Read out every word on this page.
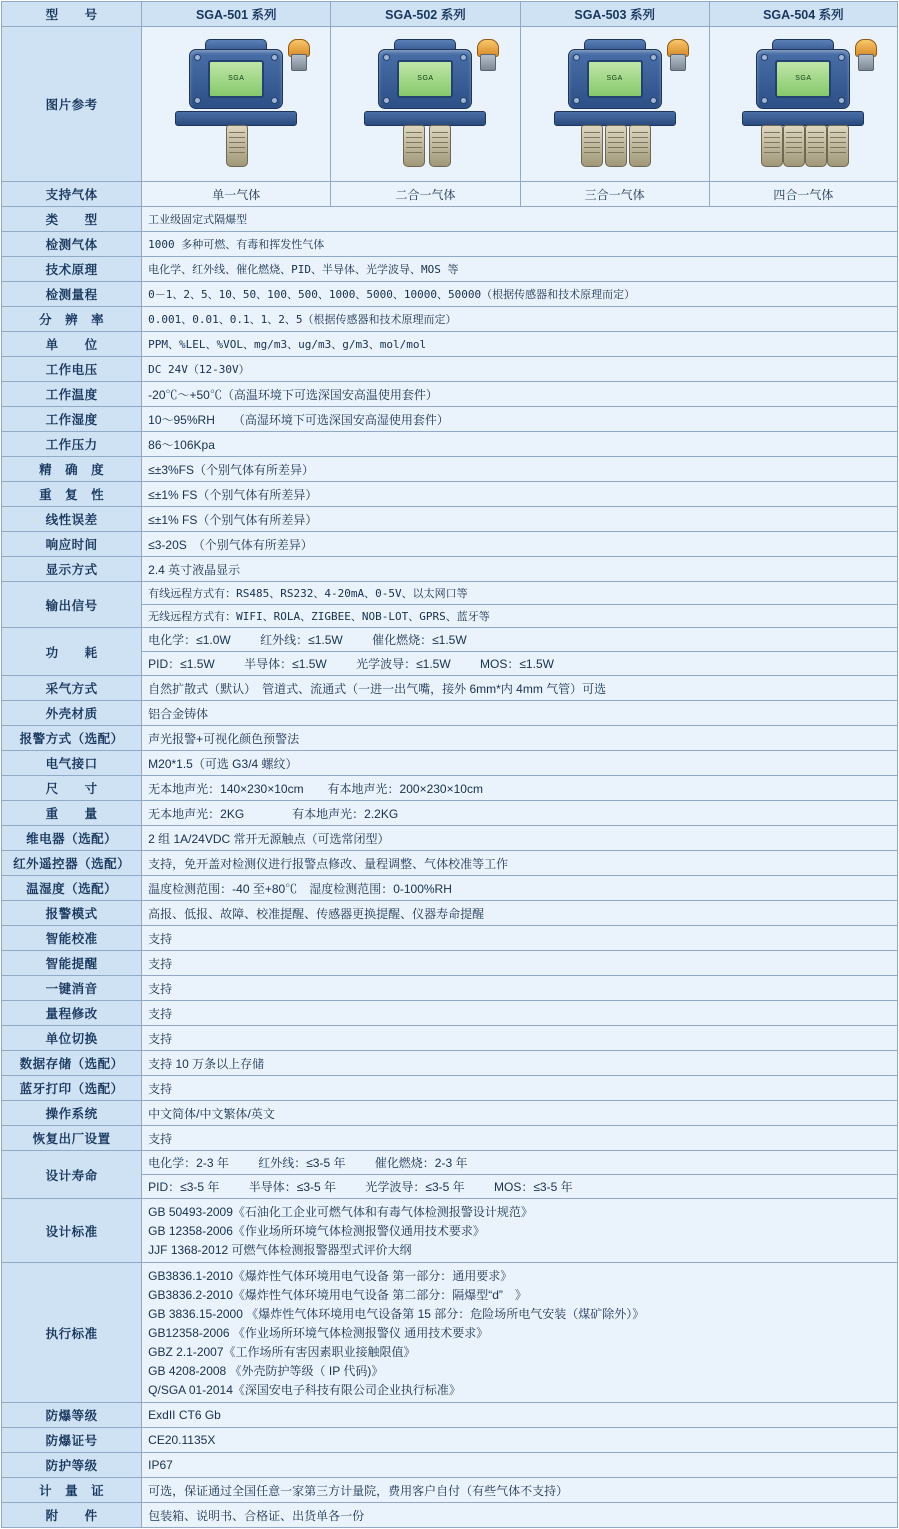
型　　号	SGA-501 系列	SGA-502 系列	SGA-503 系列	SGA-504 系列
图片参考	SGA	SGA	SGA	SGA

支持气体	单一气体	二合一气体	三合一气体	四合一气体
类　　型	工业级固定式隔爆型			
检测气体	1000 多种可燃、有毒和挥发性气体			
技术原理	电化学、红外线、催化燃烧、PID、半导体、光学波导、MOS 等			
检测量程	0－1、2、5、10、50、100、500、1000、5000、10000、50000（根据传感器和技术原理而定）			
分　辨　率	0.001、0.01、0.1、1、2、5（根据传感器和技术原理而定）			
单　　位	PPM、%LEL、%VOL、mg/m3、ug/m3、g/m3、mol/mol			
工作电压	DC 24V（12-30V）			
工作温度	-20℃～+50℃（高温环境下可选深国安高温使用套件）			
工作湿度	10～95%RH　　（高湿环境下可选深国安高湿使用套件）			
工作压力	86～106Kpa			
精　确　度	≤±3%FS（个别气体有所差异）			
重　复　性	≤±1% FS（个别气体有所差异）			
线性误差	≤±1% FS（个别气体有所差异）			
响应时间	≤3-20S　（个别气体有所差异）			
显示方式	2.4 英寸液晶显示			
输出信号	有线远程方式有：RS485、RS232、4-20mA、0-5V、以太网口等			
	无线远程方式有：WIFI、ROLA、ZIGBEE、NOB-LOT、GPRS、蓝牙等			
功　　耗	电化学：≤1.0W 红外线：≤1.5W 催化燃烧：≤1.5W			
	PID：≤1.5W 半导体：≤1.5W 光学波导：≤1.5W MOS：≤1.5W			
采气方式	自然扩散式（默认）　管道式、流通式（一进一出气嘴，接外 6mm*内 4mm 气管）可选			
外壳材质	铝合金铸体			
报警方式（选配）	声光报警+可视化颜色预警法			
电气接口	M20*1.5（可选 G3/4 螺纹）			
尺　　寸	无本地声光：140×230×10cm　　有本地声光：200×230×10cm			
重　　量	无本地声光：2KG　　　　有本地声光：2.2KG			
维电器（选配）	2 组 1A/24VDC 常开无源触点（可选常闭型）			
红外遥控器（选配）	支持，免开盖对检测仪进行报警点修改、量程调整、气体校准等工作			
温湿度（选配）	温度检测范围：-40 至+80℃　湿度检测范围：0-100%RH			
报警模式	高报、低报、故障、校准提醒、传感器更换提醒、仪器寿命提醒			
智能校准	支持			
智能提醒	支持			
一键消音	支持			
量程修改	支持			
单位切换	支持			
数据存储（选配）	支持 10 万条以上存储			
蓝牙打印（选配）	支持			
操作系统	中文简体/中文繁体/英文			
恢复出厂设置	支持			
设计寿命	电化学：2-3 年 红外线：≤3-5 年 催化燃烧：2-3 年			
	PID：≤3-5 年 半导体：≤3-5 年 光学波导：≤3-5 年 MOS：≤3-5 年			
设计标准	GB 50493-2009《石油化工企业可燃气体和有毒气体检测报警设计规范》
GB 12358-2006《作业场所环境气体检测报警仪通用技术要求》
JJF 1368-2012 可燃气体检测报警器型式评价大纲			

执行标准	
GB3836.1-2010《爆炸性气体环境用电气设备 第一部分：通用要求》
GB3836.2-2010《爆炸性气体环境用电气设备 第二部分：隔爆型“d”　》
GB 3836.15-2000 《爆炸性气体环境用电气设备第 15 部分：危险场所电气安装（煤矿除外）》
GB12358-2006 《作业场所环境气体检测报警仪 通用技术要求》
GBZ 2.1-2007《工作场所有害因素职业接触限值》
GB 4208-2008 《外壳防护等级（ IP 代码)》
Q/SGA 01-2014《深国安电子科技有限公司企业执行标准》

防爆等级	ExdII CT6 Gb			
防爆证号	CE20.1135X			
防护等级	IP67			
计　量　证	可选，保证通过全国任意一家第三方计量院，费用客户自付（有些气体不支持）			
附　　件	包装箱、说明书、合格证、出货单各一份			
